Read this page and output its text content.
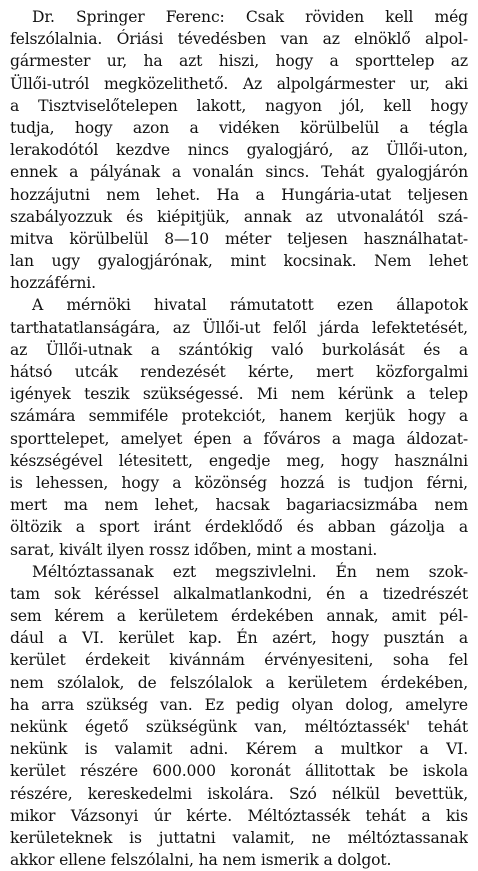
Dr. Springer Ferenc: Csak röviden kell még
felszólalnia. Óriási tévedésben van az elnöklő alpol-
gármester ur, ha azt hiszi, hogy a sporttelep az
Üllői-utról megközelithető. Az alpolgármester ur, aki
a Tisztviselőtelepen lakott, nagyon jól, kell hogy
tudja, hogy azon a vidéken körülbelül a tégla
lerakodótól kezdve nincs gyalogjáró, az Üllői-uton,
ennek a pályának a vonalán sincs. Tehát gyalogjárón
hozzájutni nem lehet. Ha a Hungária-utat teljesen
szabályozzuk és kiépitjük, annak az utvonalától szá-
mitva körülbelül 8—10 méter teljesen használhatat-
lan ugy gyalogjárónak, mint kocsinak. Nem lehet
hozzáférni.
A mérnöki hivatal rámutatott ezen állapotok
tarthatatlanságára, az Üllői-ut felől járda lefektetését,
az Üllői-utnak a szántókig való burkolását és a
hátsó utcák rendezését kérte, mert közforgalmi
igények teszik szükségessé. Mi nem kérünk a telep
számára semmiféle protekciót, hanem kerjük hogy a
sporttelepet, amelyet épen a főváros a maga áldozat-
készségével létesitett, engedje meg, hogy használni
is lehessen, hogy a közönség hozzá is tudjon férni,
mert ma nem lehet, hacsak bagariacsizmába nem
öltözik a sport iránt érdeklődő és abban gázolja a
sarat, kivált ilyen rossz időben, mint a mostani.
Méltóztassanak ezt megszivlelni. Én nem szok-
tam sok kéréssel alkalmatlankodni, én a tizedrészét
sem kérem a kerületem érdekében annak, amit pél-
dául a VI. kerület kap. Én azért, hogy pusztán a
kerület érdekeit kivánnám érvényesiteni, soha fel
nem szólalok, de felszólalok a kerületem érdekében,
ha arra szükség van. Ez pedig olyan dolog, amelyre
nekünk égető szükségünk van, méltóztassék' tehát
nekünk is valamit adni. Kérem a multkor a VI.
kerület részére 600.000 koronát állitottak be iskola
részére, kereskedelmi iskolára. Szó nélkül bevettük,
mikor Vázsonyi úr kérte. Méltóztassék tehát a kis
kerületeknek is juttatni valamit, ne méltóztassanak
akkor ellene felszólalni, ha nem ismerik a dolgot.
